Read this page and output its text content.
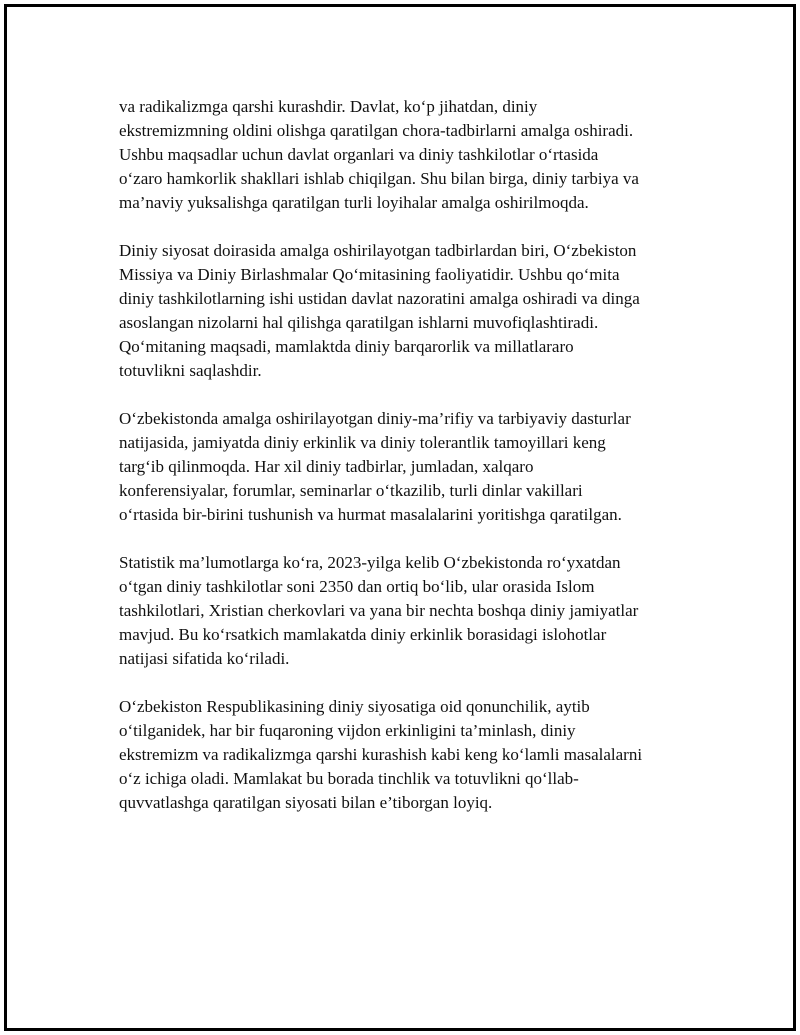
va radikalizmga qarshi kurashdir. Davlat, ko‘p jihatdan, diniy
ekstremizmning oldini olishga qaratilgan chora-tadbirlarni amalga oshiradi.
Ushbu maqsadlar uchun davlat organlari va diniy tashkilotlar o‘rtasida
o‘zaro hamkorlik shakllari ishlab chiqilgan. Shu bilan birga, diniy tarbiya va
ma’naviy yuksalishga qaratilgan turli loyihalar amalga oshirilmoqda.

Diniy siyosat doirasida amalga oshirilayotgan tadbirlardan biri, O‘zbekiston
Missiya va Diniy Birlashmalar Qo‘mitasining faoliyatidir. Ushbu qo‘mita
diniy tashkilotlarning ishi ustidan davlat nazoratini amalga oshiradi va dinga
asoslangan nizolarni hal qilishga qaratilgan ishlarni muvofiqlashtiradi.
Qo‘mitaning maqsadi, mamlaktda diniy barqarorlik va millatlararo
totuvlikni saqlashdir.

O‘zbekistonda amalga oshirilayotgan diniy-ma’rifiy va tarbiyaviy dasturlar
natijasida, jamiyatda diniy erkinlik va diniy tolerantlik tamoyillari keng
targ‘ib qilinmoqda. Har xil diniy tadbirlar, jumladan, xalqaro
konferensiyalar, forumlar, seminarlar o‘tkazilib, turli dinlar vakillari
o‘rtasida bir-birini tushunish va hurmat masalalarini yoritishga qaratilgan.

Statistik ma’lumotlarga ko‘ra, 2023-yilga kelib O‘zbekistonda ro‘yxatdan
o‘tgan diniy tashkilotlar soni 2350 dan ortiq bo‘lib, ular orasida Islom
tashkilotlari, Xristian cherkovlari va yana bir nechta boshqa diniy jamiyatlar
mavjud. Bu ko‘rsatkich mamlakatda diniy erkinlik borasidagi islohotlar
natijasi sifatida ko‘riladi.

O‘zbekiston Respublikasining diniy siyosatiga oid qonunchilik, aytib
o‘tilganidek, har bir fuqaroning vijdon erkinligini ta’minlash, diniy
ekstremizm va radikalizmga qarshi kurashish kabi keng ko‘lamli masalalarni
o‘z ichiga oladi. Mamlakat bu borada tinchlik va totuvlikni qo‘llab-
quvvatlashga qaratilgan siyosati bilan e’tiborgan loyiq.
